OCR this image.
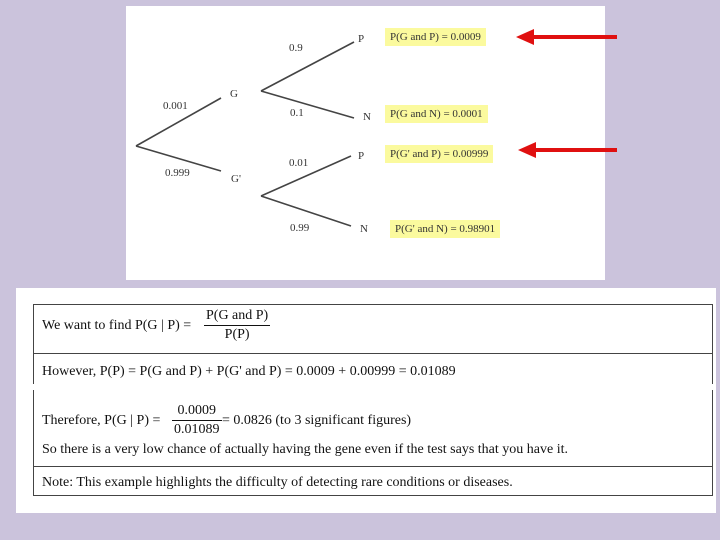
0.001
G
0.999	G'
0.9
P
0.1	N
0.01
P
0.99	N
P(G and P) = 0.0009
P(G and N) = 0.0001
P(G' and P) = 0.00999
P(G' and N) = 0.98901
We want to find P(G | P) =
P(G and P)
P(P)
However, P(P) = P(G and P) + P(G' and P) = 0.0009 + 0.00999 = 0.01089
Therefore, P(G | P) =
0.0009
0.01089
= 0.0826 (to 3 significant figures)
So there is a very low chance of actually having the gene even if the test says that you have it.
Note: This example highlights the difficulty of detecting rare conditions or diseases.
